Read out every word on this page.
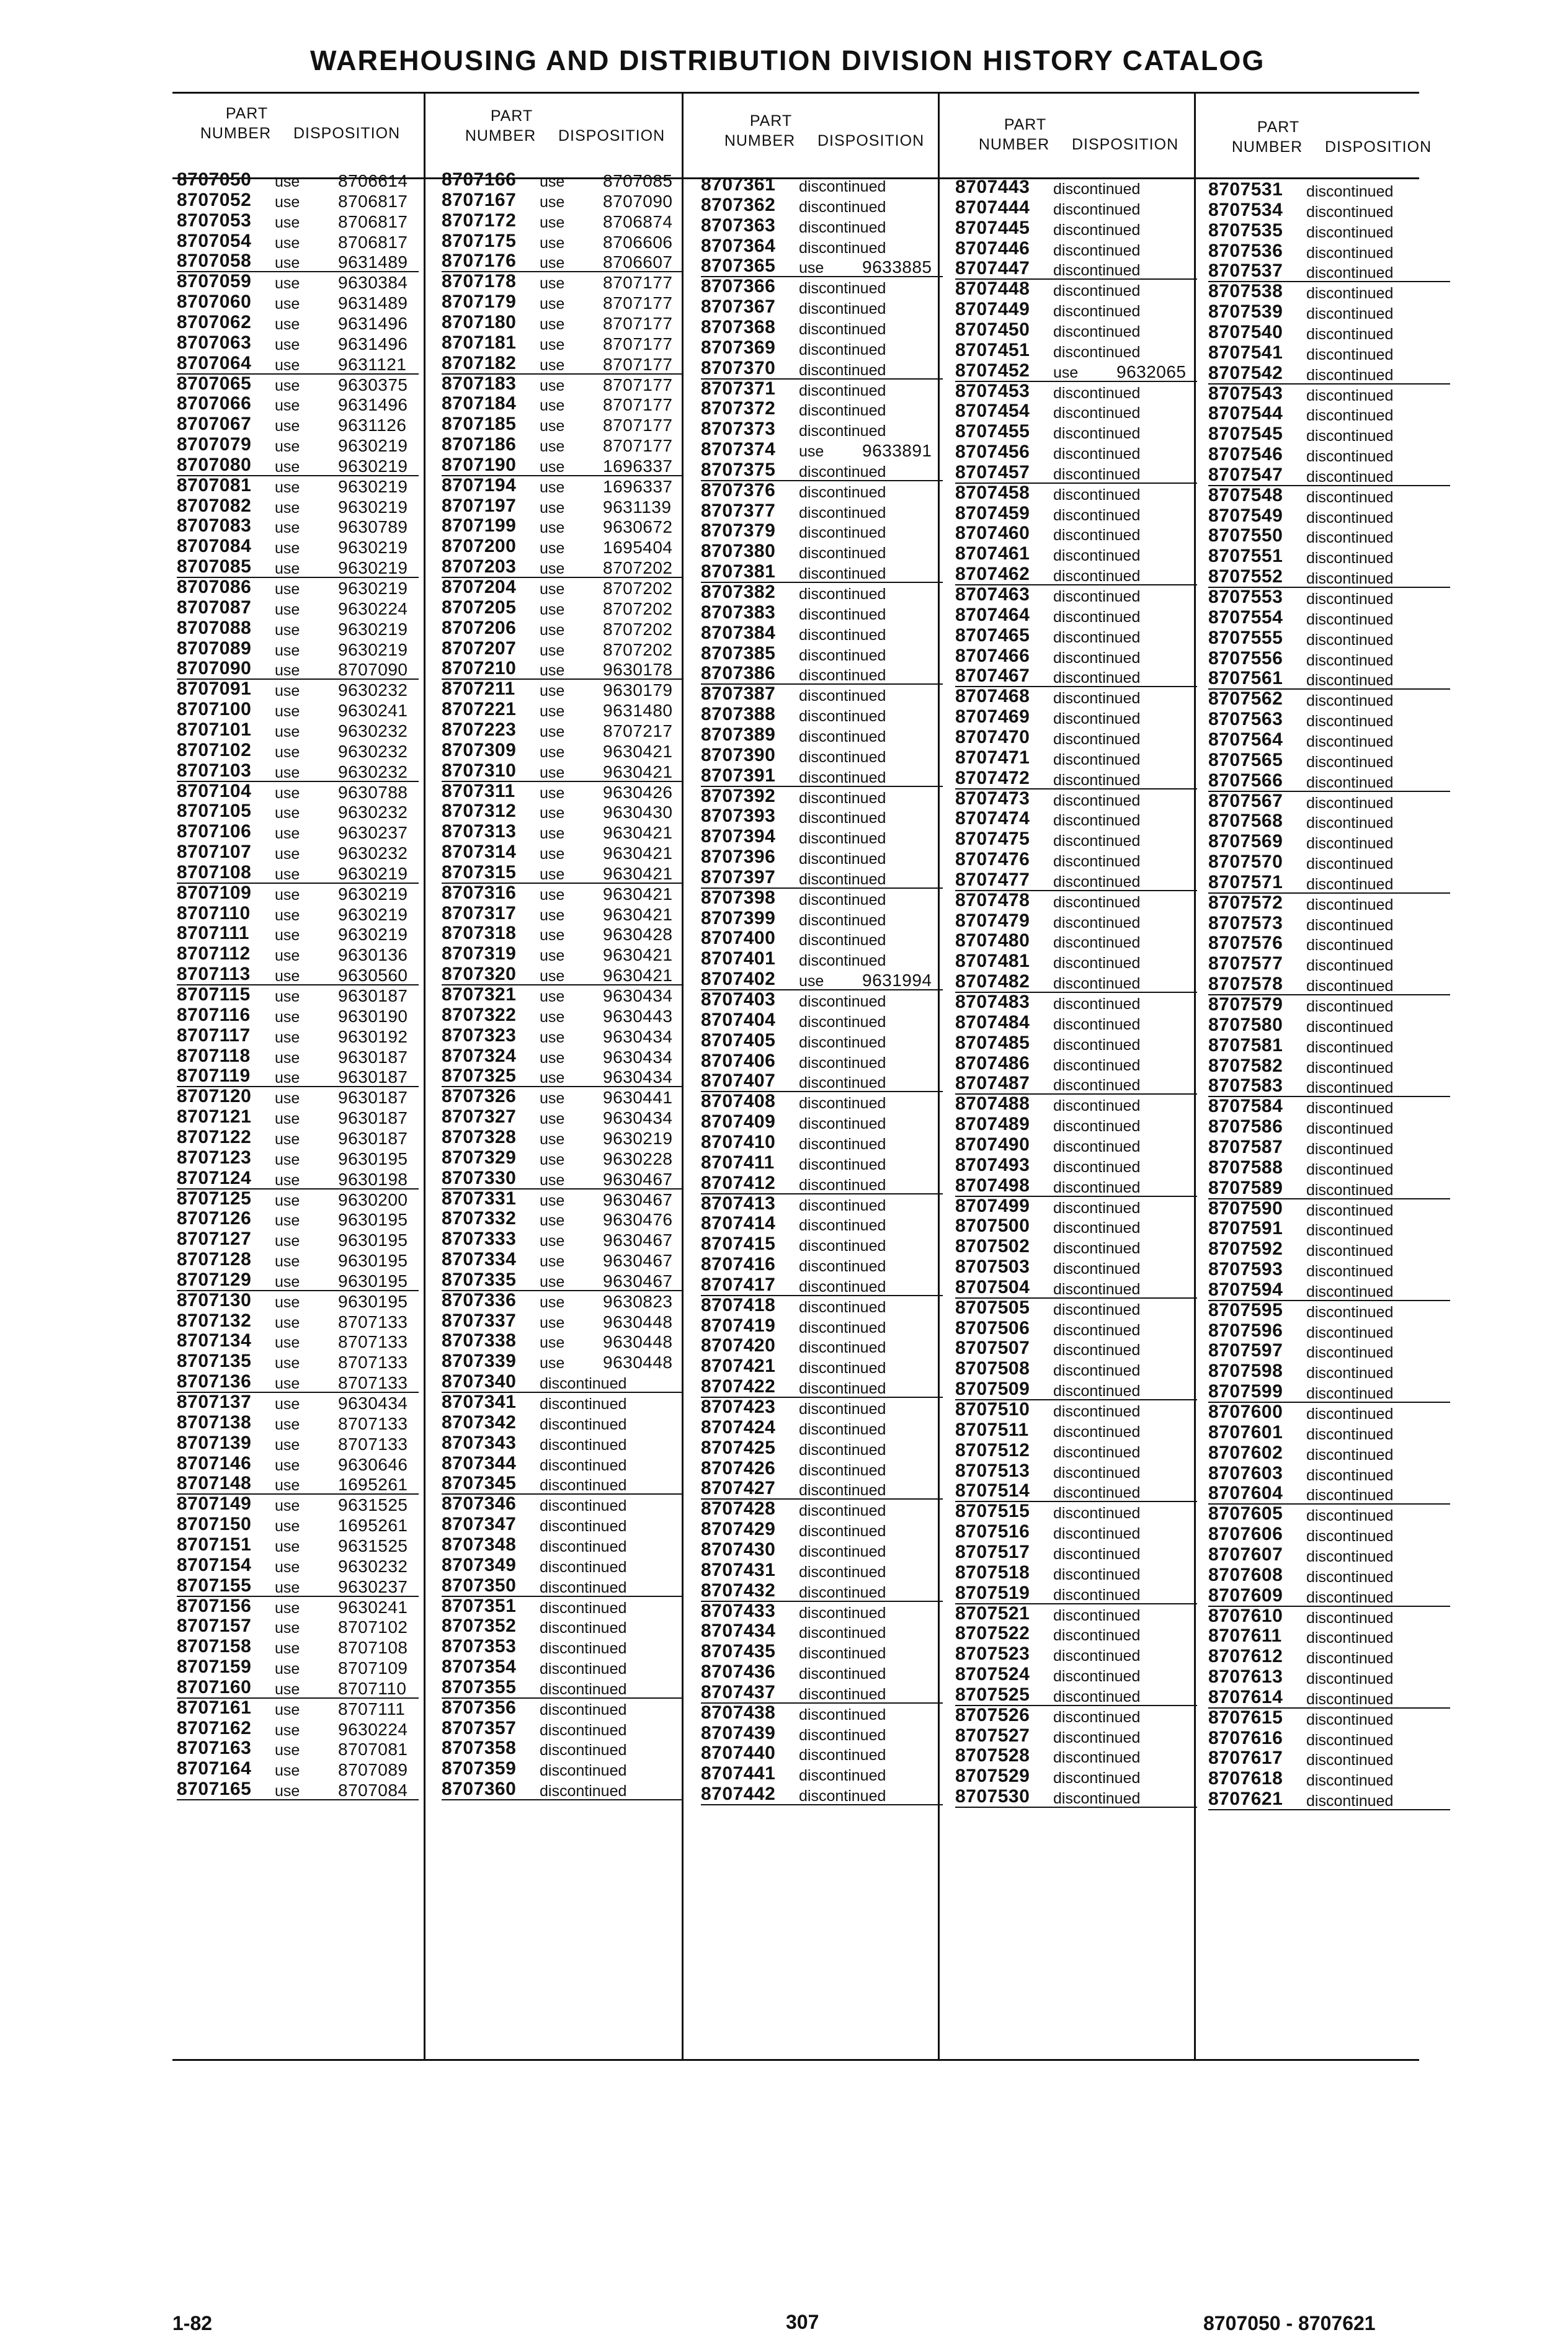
WAREHOUSING AND DISTRIBUTION DIVISION HISTORY CATALOG
PART
NUMBER	DISPOSITION
8707050 use 8706614
8707052 use 8706817
8707053 use 8706817
8707054 use 8706817
8707058 use 9631489
8707059 use 9630384
8707060 use 9631489
8707062 use 9631496
8707063 use 9631496
8707064 use 9631121
8707065 use 9630375
8707066 use 9631496
8707067 use 9631126
8707079 use 9630219
8707080 use 9630219
8707081 use 9630219
8707082 use 9630219
8707083 use 9630789
8707084 use 9630219
8707085 use 9630219
8707086 use 9630219
8707087 use 9630224
8707088 use 9630219
8707089 use 9630219
8707090 use 8707090
8707091 use 9630232
8707100 use 9630241
8707101 use 9630232
8707102 use 9630232
8707103 use 9630232
8707104 use 9630788
8707105 use 9630232
8707106 use 9630237
8707107 use 9630232
8707108 use 9630219
8707109 use 9630219
8707110 use 9630219
8707111 use 9630219
8707112 use 9630136
8707113 use 9630560
8707115 use 9630187
8707116 use 9630190
8707117 use 9630192
8707118 use 9630187
8707119 use 9630187
8707120 use 9630187
8707121 use 9630187
8707122 use 9630187
8707123 use 9630195
8707124 use 9630198
8707125 use 9630200
8707126 use 9630195
8707127 use 9630195
8707128 use 9630195
8707129 use 9630195
8707130 use 9630195
8707132 use 8707133
8707134 use 8707133
8707135 use 8707133
8707136 use 8707133
8707137 use 9630434
8707138 use 8707133
8707139 use 8707133
8707146 use 9630646
8707148 use 1695261
8707149 use 9631525
8707150 use 1695261
8707151 use 9631525
8707154 use 9630232
8707155 use 9630237
8707156 use 9630241
8707157 use 8707102
8707158 use 8707108
8707159 use 8707109
8707160 use 8707110
8707161 use 8707111
8707162 use 9630224
8707163 use 8707081
8707164 use 8707089
8707165 use 8707084
PART
NUMBER	DISPOSITION
8707166 use 8707085
8707167 use 8707090
8707172 use 8706874
8707175 use 8706606
8707176 use 8706607
8707178 use 8707177
8707179 use 8707177
8707180 use 8707177
8707181 use 8707177
8707182 use 8707177
8707183 use 8707177
8707184 use 8707177
8707185 use 8707177
8707186 use 8707177
8707190 use 1696337
8707194 use 1696337
8707197 use 9631139
8707199 use 9630672
8707200 use 1695404
8707203 use 8707202
8707204 use 8707202
8707205 use 8707202
8707206 use 8707202
8707207 use 8707202
8707210 use 9630178
8707211 use 9630179
8707221 use 9631480
8707223 use 8707217
8707309 use 9630421
8707310 use 9630421
8707311 use 9630426
8707312 use 9630430
8707313 use 9630421
8707314 use 9630421
8707315 use 9630421
8707316 use 9630421
8707317 use 9630421
8707318 use 9630428
8707319 use 9630421
8707320 use 9630421
8707321 use 9630434
8707322 use 9630443
8707323 use 9630434
8707324 use 9630434
8707325 use 9630434
8707326 use 9630441
8707327 use 9630434
8707328 use 9630219
8707329 use 9630228
8707330 use 9630467
8707331 use 9630467
8707332 use 9630476
8707333 use 9630467
8707334 use 9630467
8707335 use 9630467
8707336 use 9630823
8707337 use 9630448
8707338 use 9630448
8707339 use 9630448
8707340 discontinued
8707341 discontinued
8707342 discontinued
8707343 discontinued
8707344 discontinued
8707345 discontinued
8707346 discontinued
8707347 discontinued
8707348 discontinued
8707349 discontinued
8707350 discontinued
8707351 discontinued
8707352 discontinued
8707353 discontinued
8707354 discontinued
8707355 discontinued
8707356 discontinued
8707357 discontinued
8707358 discontinued
8707359 discontinued
8707360 discontinued
PART
NUMBER	DISPOSITION
8707361 discontinued
8707362 discontinued
8707363 discontinued
8707364 discontinued
8707365 use 9633885
8707366 discontinued
8707367 discontinued
8707368 discontinued
8707369 discontinued
8707370 discontinued
8707371 discontinued
8707372 discontinued
8707373 discontinued
8707374 use 9633891
8707375 discontinued
8707376 discontinued
8707377 discontinued
8707379 discontinued
8707380 discontinued
8707381 discontinued
8707382 discontinued
8707383 discontinued
8707384 discontinued
8707385 discontinued
8707386 discontinued
8707387 discontinued
8707388 discontinued
8707389 discontinued
8707390 discontinued
8707391 discontinued
8707392 discontinued
8707393 discontinued
8707394 discontinued
8707396 discontinued
8707397 discontinued
8707398 discontinued
8707399 discontinued
8707400 discontinued
8707401 discontinued
8707402 use 9631994
8707403 discontinued
8707404 discontinued
8707405 discontinued
8707406 discontinued
8707407 discontinued
8707408 discontinued
8707409 discontinued
8707410 discontinued
8707411 discontinued
8707412 discontinued
8707413 discontinued
8707414 discontinued
8707415 discontinued
8707416 discontinued
8707417 discontinued
8707418 discontinued
8707419 discontinued
8707420 discontinued
8707421 discontinued
8707422 discontinued
8707423 discontinued
8707424 discontinued
8707425 discontinued
8707426 discontinued
8707427 discontinued
8707428 discontinued
8707429 discontinued
8707430 discontinued
8707431 discontinued
8707432 discontinued
8707433 discontinued
8707434 discontinued
8707435 discontinued
8707436 discontinued
8707437 discontinued
8707438 discontinued
8707439 discontinued
8707440 discontinued
8707441 discontinued
8707442 discontinued
PART
NUMBER	DISPOSITION
8707443 discontinued
8707444 discontinued
8707445 discontinued
8707446 discontinued
8707447 discontinued
8707448 discontinued
8707449 discontinued
8707450 discontinued
8707451 discontinued
8707452 use 9632065
8707453 discontinued
8707454 discontinued
8707455 discontinued
8707456 discontinued
8707457 discontinued
8707458 discontinued
8707459 discontinued
8707460 discontinued
8707461 discontinued
8707462 discontinued
8707463 discontinued
8707464 discontinued
8707465 discontinued
8707466 discontinued
8707467 discontinued
8707468 discontinued
8707469 discontinued
8707470 discontinued
8707471 discontinued
8707472 discontinued
8707473 discontinued
8707474 discontinued
8707475 discontinued
8707476 discontinued
8707477 discontinued
8707478 discontinued
8707479 discontinued
8707480 discontinued
8707481 discontinued
8707482 discontinued
8707483 discontinued
8707484 discontinued
8707485 discontinued
8707486 discontinued
8707487 discontinued
8707488 discontinued
8707489 discontinued
8707490 discontinued
8707493 discontinued
8707498 discontinued
8707499 discontinued
8707500 discontinued
8707502 discontinued
8707503 discontinued
8707504 discontinued
8707505 discontinued
8707506 discontinued
8707507 discontinued
8707508 discontinued
8707509 discontinued
8707510 discontinued
8707511 discontinued
8707512 discontinued
8707513 discontinued
8707514 discontinued
8707515 discontinued
8707516 discontinued
8707517 discontinued
8707518 discontinued
8707519 discontinued
8707521 discontinued
8707522 discontinued
8707523 discontinued
8707524 discontinued
8707525 discontinued
8707526 discontinued
8707527 discontinued
8707528 discontinued
8707529 discontinued
8707530 discontinued
PART
NUMBER	DISPOSITION
8707531 discontinued
8707534 discontinued
8707535 discontinued
8707536 discontinued
8707537 discontinued
8707538 discontinued
8707539 discontinued
8707540 discontinued
8707541 discontinued
8707542 discontinued
8707543 discontinued
8707544 discontinued
8707545 discontinued
8707546 discontinued
8707547 discontinued
8707548 discontinued
8707549 discontinued
8707550 discontinued
8707551 discontinued
8707552 discontinued
8707553 discontinued
8707554 discontinued
8707555 discontinued
8707556 discontinued
8707561 discontinued
8707562 discontinued
8707563 discontinued
8707564 discontinued
8707565 discontinued
8707566 discontinued
8707567 discontinued
8707568 discontinued
8707569 discontinued
8707570 discontinued
8707571 discontinued
8707572 discontinued
8707573 discontinued
8707576 discontinued
8707577 discontinued
8707578 discontinued
8707579 discontinued
8707580 discontinued
8707581 discontinued
8707582 discontinued
8707583 discontinued
8707584 discontinued
8707586 discontinued
8707587 discontinued
8707588 discontinued
8707589 discontinued
8707590 discontinued
8707591 discontinued
8707592 discontinued
8707593 discontinued
8707594 discontinued
8707595 discontinued
8707596 discontinued
8707597 discontinued
8707598 discontinued
8707599 discontinued
8707600 discontinued
8707601 discontinued
8707602 discontinued
8707603 discontinued
8707604 discontinued
8707605 discontinued
8707606 discontinued
8707607 discontinued
8707608 discontinued
8707609 discontinued
8707610 discontinued
8707611 discontinued
8707612 discontinued
8707613 discontinued
8707614 discontinued
8707615 discontinued
8707616 discontinued
8707617 discontinued
8707618 discontinued
8707621 discontinued
1-82	307	8707050 - 8707621
